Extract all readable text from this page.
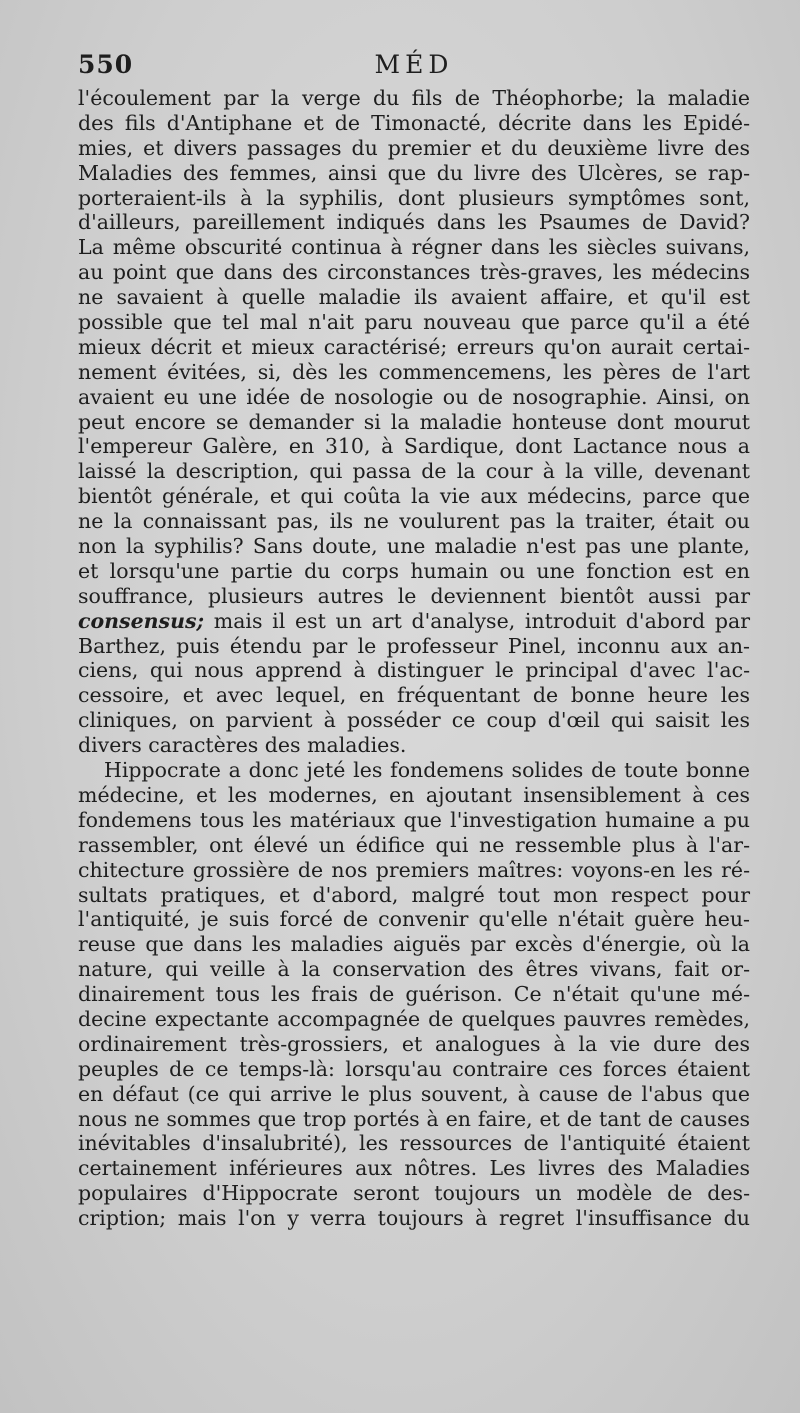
550	MÉD
l'écoulement par la verge du fils de Théophorbe; la maladie
des fils d'Antiphane et de Timonacté, décrite dans les Epidé-
mies, et divers passages du premier et du deuxième livre des
Maladies des femmes, ainsi que du livre des Ulcères, se rap-
porteraient-ils à la syphilis, dont plusieurs symptômes sont,
d'ailleurs, pareillement indiqués dans les Psaumes de David?
La même obscurité continua à régner dans les siècles suivans,
au point que dans des circonstances très-graves, les médecins
ne savaient à quelle maladie ils avaient affaire, et qu'il est
possible que tel mal n'ait paru nouveau que parce qu'il a été
mieux décrit et mieux caractérisé; erreurs qu'on aurait certai-
nement évitées, si, dès les commencemens, les pères de l'art
avaient eu une idée de nosologie ou de nosographie. Ainsi, on
peut encore se demander si la maladie honteuse dont mourut
l'empereur Galère, en 310, à Sardique, dont Lactance nous a
laissé la description, qui passa de la cour à la ville, devenant
bientôt générale, et qui coûta la vie aux médecins, parce que
ne la connaissant pas, ils ne voulurent pas la traiter, était ou
non la syphilis? Sans doute, une maladie n'est pas une plante,
et lorsqu'une partie du corps humain ou une fonction est en
souffrance, plusieurs autres le deviennent bientôt aussi par
consensus; mais il est un art d'analyse, introduit d'abord par
Barthez, puis étendu par le professeur Pinel, inconnu aux an-
ciens, qui nous apprend à distinguer le principal d'avec l'ac-
cessoire, et avec lequel, en fréquentant de bonne heure les
cliniques, on parvient à posséder ce coup d'œil qui saisit les
divers caractères des maladies.
Hippocrate a donc jeté les fondemens solides de toute bonne
médecine, et les modernes, en ajoutant insensiblement à ces
fondemens tous les matériaux que l'investigation humaine a pu
rassembler, ont élevé un édifice qui ne ressemble plus à l'ar-
chitecture grossière de nos premiers maîtres: voyons-en les ré-
sultats pratiques, et d'abord, malgré tout mon respect pour
l'antiquité, je suis forcé de convenir qu'elle n'était guère heu-
reuse que dans les maladies aiguës par excès d'énergie, où la
nature, qui veille à la conservation des êtres vivans, fait or-
dinairement tous les frais de guérison. Ce n'était qu'une mé-
decine expectante accompagnée de quelques pauvres remèdes,
ordinairement très-grossiers, et analogues à la vie dure des
peuples de ce temps-là: lorsqu'au contraire ces forces étaient
en défaut (ce qui arrive le plus souvent, à cause de l'abus que
nous ne sommes que trop portés à en faire, et de tant de causes
inévitables d'insalubrité), les ressources de l'antiquité étaient
certainement inférieures aux nôtres. Les livres des Maladies
populaires d'Hippocrate seront toujours un modèle de des-
cription; mais l'on y verra toujours à regret l'insuffisance du
